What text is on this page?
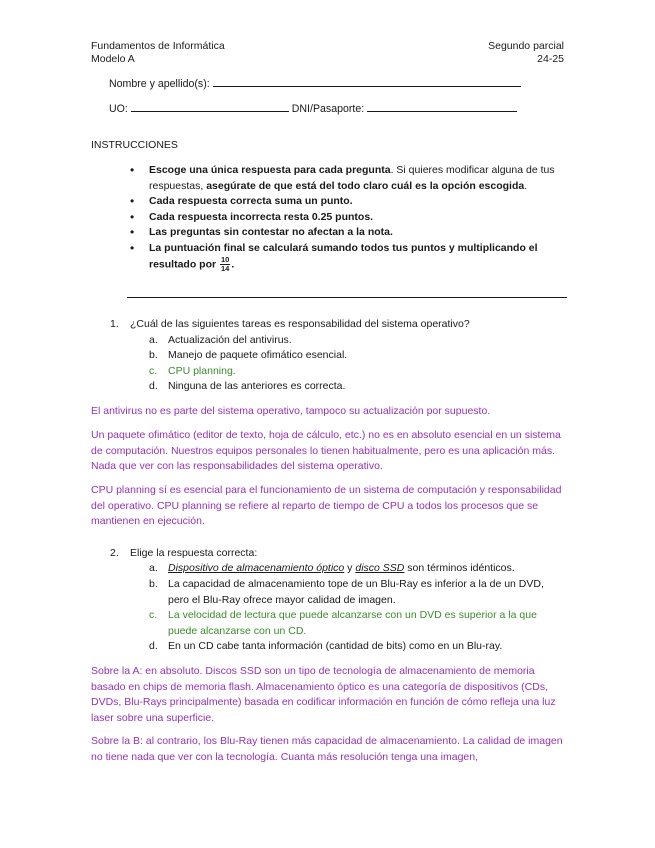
Fundamentos de Informática
Modelo A
Segundo parcial
24-25
Nombre y apellido(s):
UO:	DNI/Pasaporte:
INSTRUCCIONES
• Escoge una única respuesta para cada pregunta. Si quieres modificar alguna de tus respuestas, asegúrate de que está del todo claro cuál es la opción escogida.
• Cada respuesta correcta suma un punto.
• Cada respuesta incorrecta resta 0.25 puntos.
• Las preguntas sin contestar no afectan a la nota.
• La puntuación final se calculará sumando todos tus puntos y multiplicando el resultado por $\frac{10}{14}$ .
1. ¿Cuál de las siguientes tareas es responsabilidad del sistema operativo?
a. Actualización del antivirus.
b. Manejo de paquete ofimático esencial.
c.	CPU planning.
d. Ninguna de las anteriores es correcta.
El antivirus no es parte del sistema operativo, tampoco su actualización por supuesto.
Un paquete ofimático (editor de texto, hoja de cálculo, etc.) no es en absoluto esencial en un sistema de computación. Nuestros equipos personales lo tienen habitualmente, pero es una aplicación más. Nada que ver con las responsabilidades del sistema operativo.
CPU planning sí es esencial para el funcionamiento de un sistema de computación y responsabilidad del operativo. CPU planning se refiere al reparto de tiempo de CPU a todos los procesos que se mantienen en ejecución.
2. Elige la respuesta correcta:
a. Dispositivo de almacenamiento óptico y disco SSD son términos idénticos.
b. La capacidad de almacenamiento tope de un Blu-Ray es inferior a la de un DVD, pero el Blu-Ray ofrece mayor calidad de imagen.
c.	La velocidad de lectura que puede alcanzarse con un DVD es superior a la que puede alcanzarse con un CD.
d. En un CD cabe tanta información (cantidad de bits) como en un Blu-ray.
Sobre la A: en absoluto. Discos SSD son un tipo de tecnología de almacenamiento de memoria basado en chips de memoria flash. Almacenamiento óptico es una categoría de dispositivos (CDs, DVDs, Blu-Rays principalmente) basada en codificar información en función de cómo refleja una luz laser sobre una superficie.
Sobre la B: al contrario, los Blu-Ray tienen más capacidad de almacenamiento. La calidad de imagen no tiene nada que ver con la tecnología. Cuanta más resolución tenga una imagen,
